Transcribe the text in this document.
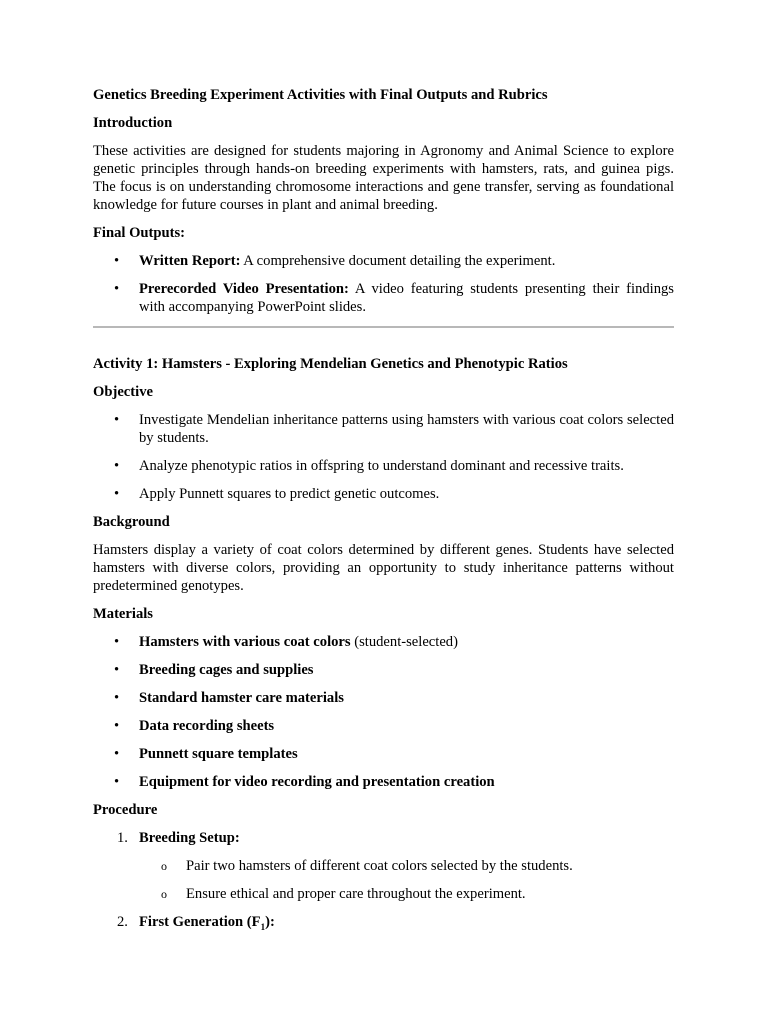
Genetics Breeding Experiment Activities with Final Outputs and Rubrics

Introduction

These activities are designed for students majoring in Agronomy and Animal Science to explore genetic principles through hands-on breeding experiments with hamsters, rats, and guinea pigs. The focus is on understanding chromosome interactions and gene transfer, serving as foundational knowledge for future courses in plant and animal breeding.

Final Outputs:

• Written Report: A comprehensive document detailing the experiment.
• Prerecorded Video Presentation: A video featuring students presenting their findings with accompanying PowerPoint slides.

Activity 1: Hamsters - Exploring Mendelian Genetics and Phenotypic Ratios

Objective

• Investigate Mendelian inheritance patterns using hamsters with various coat colors selected by students.
• Analyze phenotypic ratios in offspring to understand dominant and recessive traits.
• Apply Punnett squares to predict genetic outcomes.

Background

Hamsters display a variety of coat colors determined by different genes. Students have selected hamsters with diverse colors, providing an opportunity to study inheritance patterns without predetermined genotypes.

Materials

• Hamsters with various coat colors (student-selected)
• Breeding cages and supplies
• Standard hamster care materials
• Data recording sheets
• Punnett square templates
• Equipment for video recording and presentation creation

Procedure

1. Breeding Setup:
o Pair two hamsters of different coat colors selected by the students.
o Ensure ethical and proper care throughout the experiment.
2. First Generation $(F_1)$:
